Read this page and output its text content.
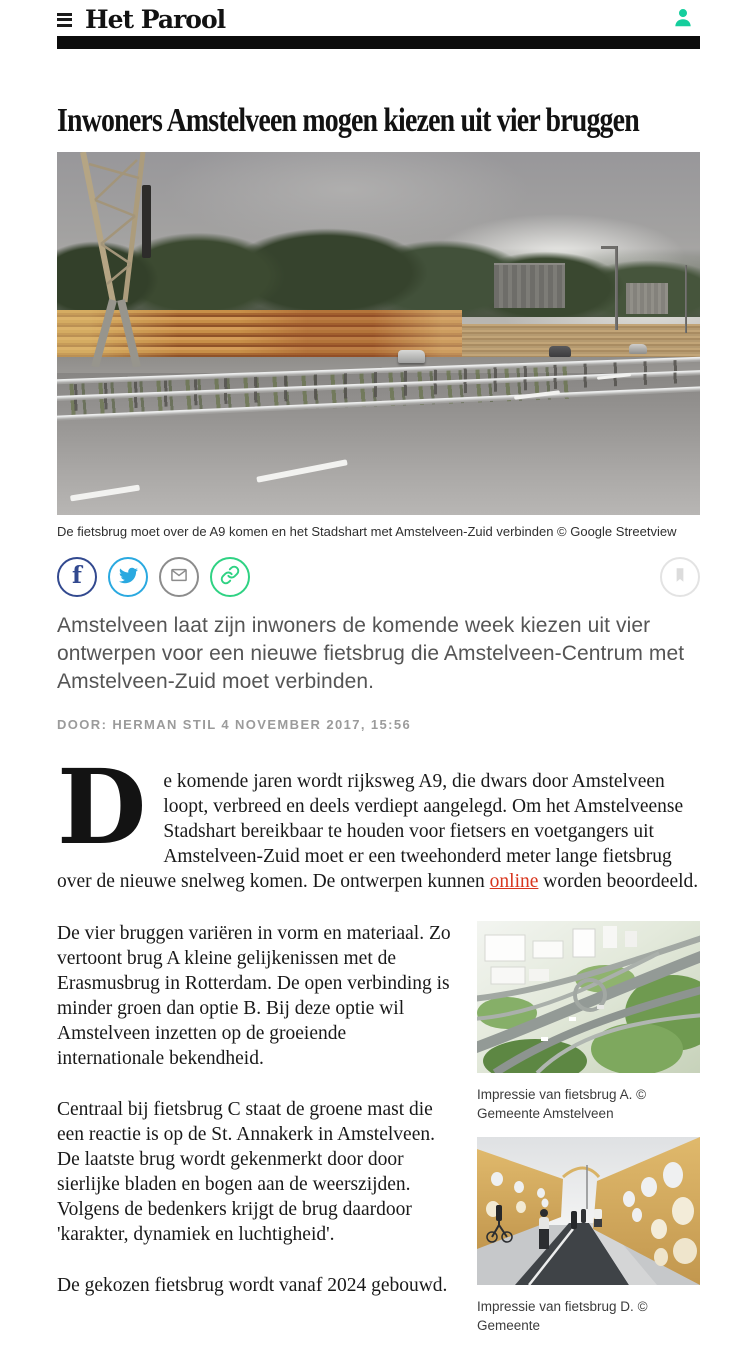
Het Parool
Inwoners Amstelveen mogen kiezen uit vier bruggen
De fietsbrug moet over de A9 komen en het Stadshart met Amstelveen-Zuid verbinden © Google Streetview
f

Amstelveen laat zijn inwoners de komende week kiezen uit vier ontwerpen voor een nieuwe fietsbrug die Amstelveen-Centrum met Amstelveen-Zuid moet verbinden.

DOOR: HERMAN STIL 4 NOVEMBER 2017, 15:56

De komende jaren wordt rijksweg A9, die dwars door Amstelveen loopt, verbreed en deels verdiept aangelegd. Om het Amstelveense Stadshart bereikbaar te houden voor fietsers en voetgangers uit Amstelveen-Zuid moet er een tweehonderd meter lange fietsbrug over de nieuwe snelweg komen. De ontwerpen kunnen online worden beoordeeld.

De vier bruggen variëren in vorm en materiaal. Zo vertoont brug A kleine gelijkenissen met de Erasmusbrug in Rotterdam. De open verbinding is minder groen dan optie B. Bij deze optie wil Amstelveen inzetten op de groeiende internationale bekendheid.

Centraal bij fietsbrug C staat de groene mast die een reactie is op de St. Annakerk in Amstelveen. De laatste brug wordt gekenmerkt door door sierlijke bladen en bogen aan de weerszijden. Volgens de bedenkers krijgt de brug daardoor 'karakter, dynamiek en luchtigheid'.

De gekozen fietsbrug wordt vanaf 2024 gebouwd.

Impressie van fietsbrug A. © Gemeente Amstelveen
Impressie van fietsbrug D. © Gemeente
